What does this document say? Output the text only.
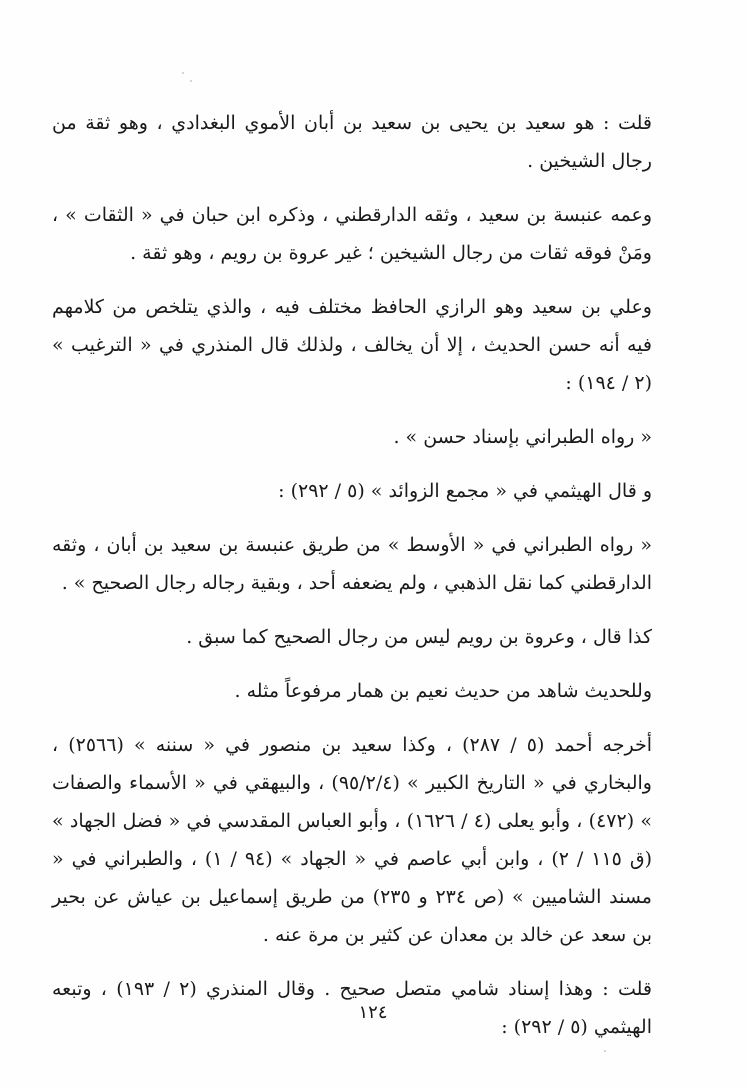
قلت : هو سعيد بن يحيى بن سعيد بن أبان الأموي البغدادي ، وهو ثقة من رجال الشيخين .

وعمه عنبسة بن سعيد ، وثقه الدارقطني ، وذكره ابن حبان في « الثقات » ، ومَنْ فوقه ثقات من رجال الشيخين ؛ غير عروة بن رويم ، وهو ثقة .

وعلي بن سعيد وهو الرازي الحافظ مختلف فيه ، والذي يتلخص من كلامهم فيه أنه حسن الحديث ، إلا أن يخالف ، ولذلك قال المنذري في « الترغيب » (٢ / ١٩٤) :

« رواه الطبراني بإسناد حسن » .

و قال الهيثمي في « مجمع الزوائد » (٥ / ٢٩٢) :

« رواه الطبراني في « الأوسط » من طريق عنبسة بن سعيد بن أبان ، وثقه الدارقطني كما نقل الذهبي ، ولم يضعفه أحد ، وبقية رجاله رجال الصحيح » .

كذا قال ، وعروة بن رويم ليس من رجال الصحيح كما سبق .

وللحديث شاهد من حديث نعيم بن همار مرفوعاً مثله .

أخرجه أحمد (٥ / ٢٨٧) ، وكذا سعيد بن منصور في « سننه » (٢٥٦٦) ، والبخاري في « التاريخ الكبير » (٩٥/٢/٤) ، والبيهقي في « الأسماء والصفات » (٤٧٢) ، وأبو يعلى (٤ / ١٦٢٦) ، وأبو العباس المقدسي في « فضل الجهاد » (ق ١١٥ / ٢) ، وابن أبي عاصم في « الجهاد » (٩٤ / ١) ، والطبراني في « مسند الشاميين » (ص ٢٣٤ و ٢٣٥) من طريق إسماعيل بن عياش عن بحير بن سعد عن خالد بن معدان عن كثير بن مرة عنه .

قلت : وهذا إسناد شامي متصل صحيح . وقال المنذري (٢ / ١٩٣) ، وتبعه الهيثمي (٥ / ٢٩٢) :

١٢٤
